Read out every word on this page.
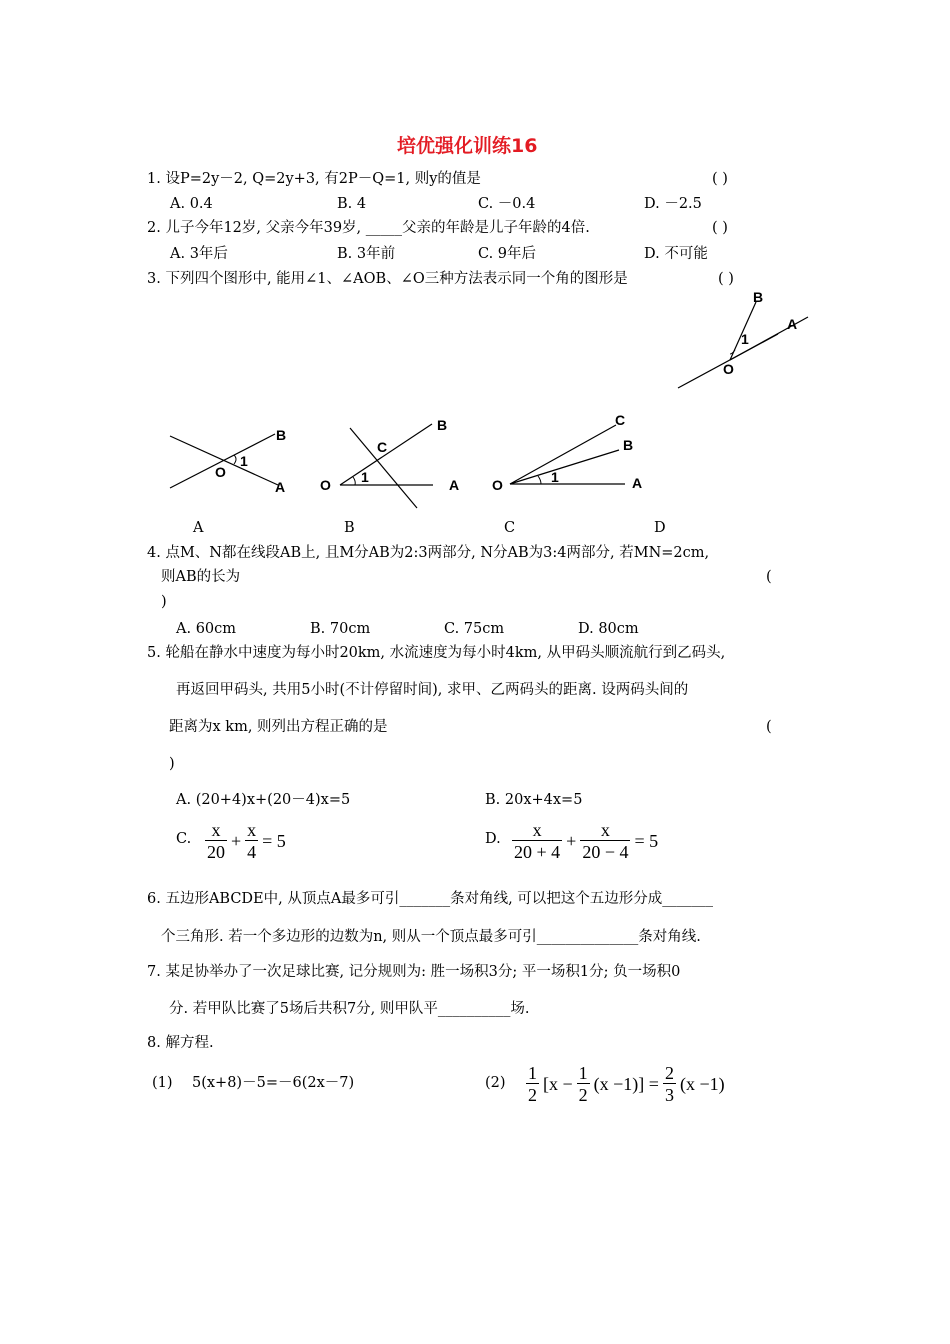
培优强化训练16
1. 设P=2y－2, Q=2y+3, 有2P－Q=1, 则y的值是	( )
A. 0.4	B. 4	C. －0.4	D. －2.5
2. 儿子今年12岁, 父亲今年39岁, _____父亲的年龄是儿子年龄的4倍.	( )
A. 3年后	B. 3年前	C. 9年后	D. 不可能
3. 下列四个图形中, 能用∠1、∠AOB、∠O三种方法表示同一个角的图形是	( )
B
A
1
O
B
1
O
A
B
C
1
O	A
C
B
1
O	A
A	B	C	D
4. 点M、N都在线段AB上, 且M分AB为2:3两部分, N分AB为3:4两部分, 若MN=2cm,
则AB的长为	(
)
A. 60cm	B. 70cm	C. 75cm	D. 80cm
5. 轮船在静水中速度为每小时20km, 水流速度为每小时4km, 从甲码头顺流航行到乙码头,
再返回甲码头, 共用5小时(不计停留时间), 求甲、乙两码头的距离. 设两码头间的
距离为x km, 则列出方程正确的是	(
)
A. (20+4)x+(20－4)x=5	B. 20x+4x=5
C. $\frac{x}{20} + \frac{x}{4} = 5$	D. $\frac{x}{20 + 4} + \frac{x}{20 - 4} = 5$
6. 五边形ABCDE中, 从顶点A最多可引_______条对角线, 可以把这个五边形分成_______
个三角形. 若一个多边形的边数为n, 则从一个顶点最多可引______________条对角线.
7. 某足协举办了一次足球比赛, 记分规则为: 胜一场积3分; 平一场积1分; 负一场积0
分. 若甲队比赛了5场后共积7分, 则甲队平__________场.
8. 解方程.
(1) 5(x+8)－5=－6(2x－7)	$(2) \frac{1}{2} [x - \frac{1}{2} (x -1)] = \frac{2}{3} (x -1)$
